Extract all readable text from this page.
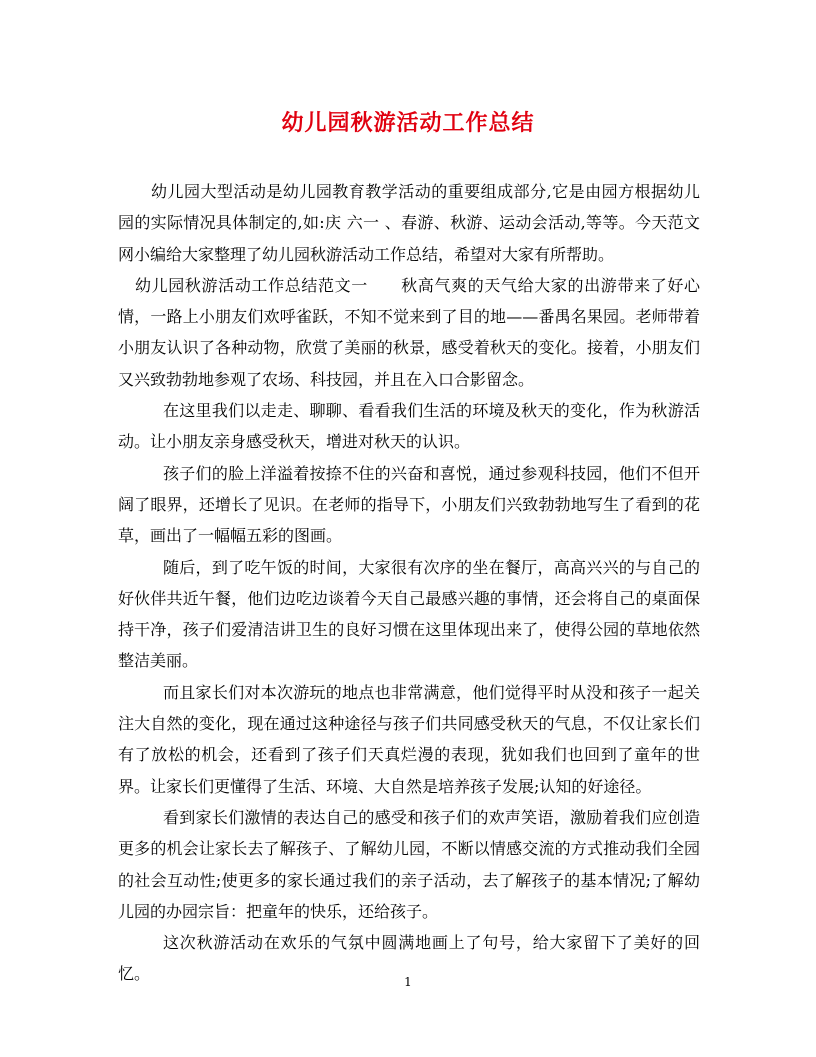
幼儿园秋游活动工作总结

幼儿园大型活动是幼儿园教育教学活动的重要组成部分,它是由园方根据幼儿园的实际情况具体制定的,如:庆 六一 、春游、秋游、运动会活动,等等。今天范文网小编给大家整理了幼儿园秋游活动工作总结，希望对大家有所帮助。

幼儿园秋游活动工作总结范文一　　秋高气爽的天气给大家的出游带来了好心情，一路上小朋友们欢呼雀跃，不知不觉来到了目的地——番禺名果园。老师带着小朋友认识了各种动物，欣赏了美丽的秋景，感受着秋天的变化。接着，小朋友们又兴致勃勃地参观了农场、科技园，并且在入口合影留念。

在这里我们以走走、聊聊、看看我们生活的环境及秋天的变化，作为秋游活动。让小朋友亲身感受秋天，增进对秋天的认识。

孩子们的脸上洋溢着按捺不住的兴奋和喜悦，通过参观科技园，他们不但开阔了眼界，还增长了见识。在老师的指导下，小朋友们兴致勃勃地写生了看到的花草，画出了一幅幅五彩的图画。

随后，到了吃午饭的时间，大家很有次序的坐在餐厅，高高兴兴的与自己的好伙伴共近午餐，他们边吃边谈着今天自己最感兴趣的事情，还会将自己的桌面保持干净，孩子们爱清洁讲卫生的良好习惯在这里体现出来了，使得公园的草地依然整洁美丽。

而且家长们对本次游玩的地点也非常满意，他们觉得平时从没和孩子一起关注大自然的变化，现在通过这种途径与孩子们共同感受秋天的气息，不仅让家长们有了放松的机会，还看到了孩子们天真烂漫的表现，犹如我们也回到了童年的世界。让家长们更懂得了生活、环境、大自然是培养孩子发展;认知的好途径。

看到家长们激情的表达自己的感受和孩子们的欢声笑语，激励着我们应创造更多的机会让家长去了解孩子、了解幼儿园，不断以情感交流的方式推动我们全园的社会互动性;使更多的家长通过我们的亲子活动，去了解孩子的基本情况;了解幼儿园的办园宗旨：把童年的快乐，还给孩子。

这次秋游活动在欢乐的气氛中圆满地画上了句号，给大家留下了美好的回忆。	1
